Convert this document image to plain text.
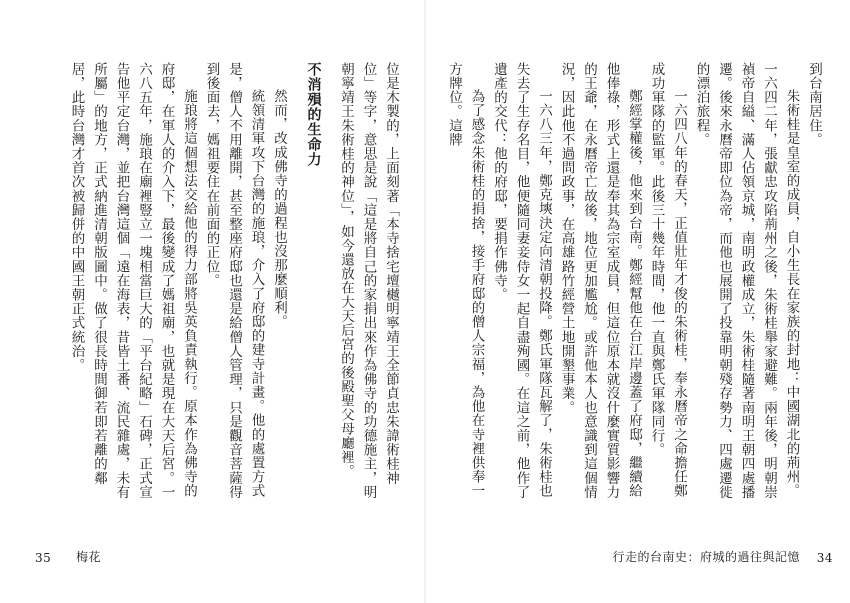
到台南居住。

朱術桂是皇室的成員，自小生長在家族的封地：中國湖北的荊州。一六四二年，張獻忠攻陷荊州之後，朱術桂舉家避難。兩年後，明朝崇禎帝自縊、滿人佔領京城，南明政權成立，朱術桂隨著南明王朝四處播遷。後來永曆帝即位為帝，而他也展開了投靠明朝殘存勢力、四處遷徙的漂泊旅程。

一六四八年的春天，正值壯年才俊的朱術桂，奉永曆帝之命擔任鄭成功軍隊的監軍。此後三十幾年時間，他一直與鄭氏軍隊同行。

鄭經掌權後，他來到台南。鄭經幫他在台江岸邊蓋了府邸，繼續給他俸祿，形式上還是奉其為宗室成員，但這位原本就沒什麼實質影響力的王爺，在永曆帝亡故後，地位更加尷尬。或許他本人也意識到這個情況，因此他不過問政事，在高雄路竹經營土地開墾事業。

一六八三年，鄭克塽決定向清朝投降。鄭氏軍隊瓦解了，朱術桂也失去了生存名目，他便隨同妻妾侍女一起自盡殉國。在這之前，他作了遺產的交代：他的府邸，要捐作佛寺。

為了感念朱術桂的捐捨，接手府邸的僧人宗福，為他在寺裡供奉一方牌位。這牌

行走的台南史：府城的過往與記憶 34

位是木製的，上面刻著「本寺捨宅壇樾明寧靖王全節貞忠朱諱術桂神位」等字，意思是說「這是將自己的家捐出來作為佛寺的功德施主，明朝寧靖王朱術桂的神位」，如今還放在大天后宮的後殿聖父母廳裡。

不消殞的生命力

然而，改成佛寺的過程也沒那麼順利。

統領清軍攻下台灣的施琅，介入了府邸的建寺計畫。他的處置方式是，僧人不用離開，甚至整座府邸也還是給僧人管理，只是觀音菩薩得到後面去，媽祖要住在前面的正位。

施琅將這個想法交給他的得力部將吳英負責執行。原本作為佛寺的府邸，在軍人的介入下，最後變成了媽祖廟，也就是現在大天后宮。一六八五年，施琅在廟裡豎立一塊相當巨大的「平台紀略」石碑，正式宣告他平定台灣，並把台灣這個「遠在海表，昔皆土番、流民雜處，未有所屬」的地方，正式納進清朝版圖中。做了很長時間御若即若離的鄰居，此時台灣才首次被歸併的中國王朝正式統治。

35 梅花
